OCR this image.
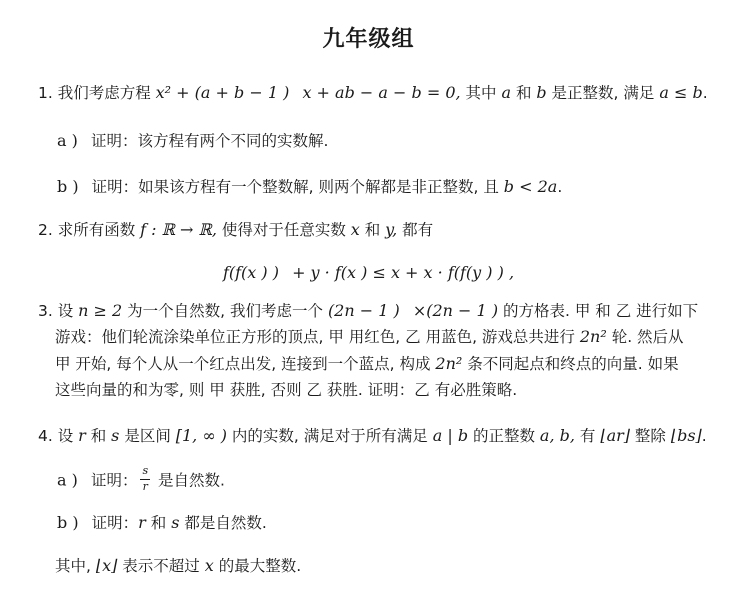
九年级组
1. 我们考虑方程 x² + (a + b − 1 )  x + ab − a − b = 0, 其中 a 和 b 是正整数, 满足 a ≤ b.
a )  证明：该方程有两个不同的实数解.
b )  证明：如果该方程有一个整数解, 则两个解都是非正整数, 且 b < 2a.
2. 求所有函数 f : ℝ → ℝ, 使得对于任意实数 x 和 y, 都有
f(f(x ) )  + y · f(x ) ≤ x + x · f(f(y ) ) ,
3. 设 n ≥ 2 为一个自然数, 我们考虑一个 (2n − 1 )  ×(2n − 1 ) 的方格表. 甲 和 乙 进行如下
游戏：他们轮流涂染单位正方形的顶点, 甲 用红色, 乙 用蓝色, 游戏总共进行 2n² 轮. 然后从
甲 开始, 每个人从一个红点出发, 连接到一个蓝点, 构成 2n² 条不同起点和终点的向量. 如果
这些向量的和为零, 则 甲 获胜, 否则 乙 获胜. 证明：乙 有必胜策略.
4. 设 r 和 s 是区间 [1, ∞ ) 内的实数, 满足对于所有满足 a | b 的正整数 a, b, 有 ⌊ar⌋ 整除 ⌊bs⌋.
a )  证明： $\frac{s}{r}$ 是自然数.
b )  证明：r 和 s 都是自然数.
其中, ⌊x⌋ 表示不超过 x 的最大整数.
